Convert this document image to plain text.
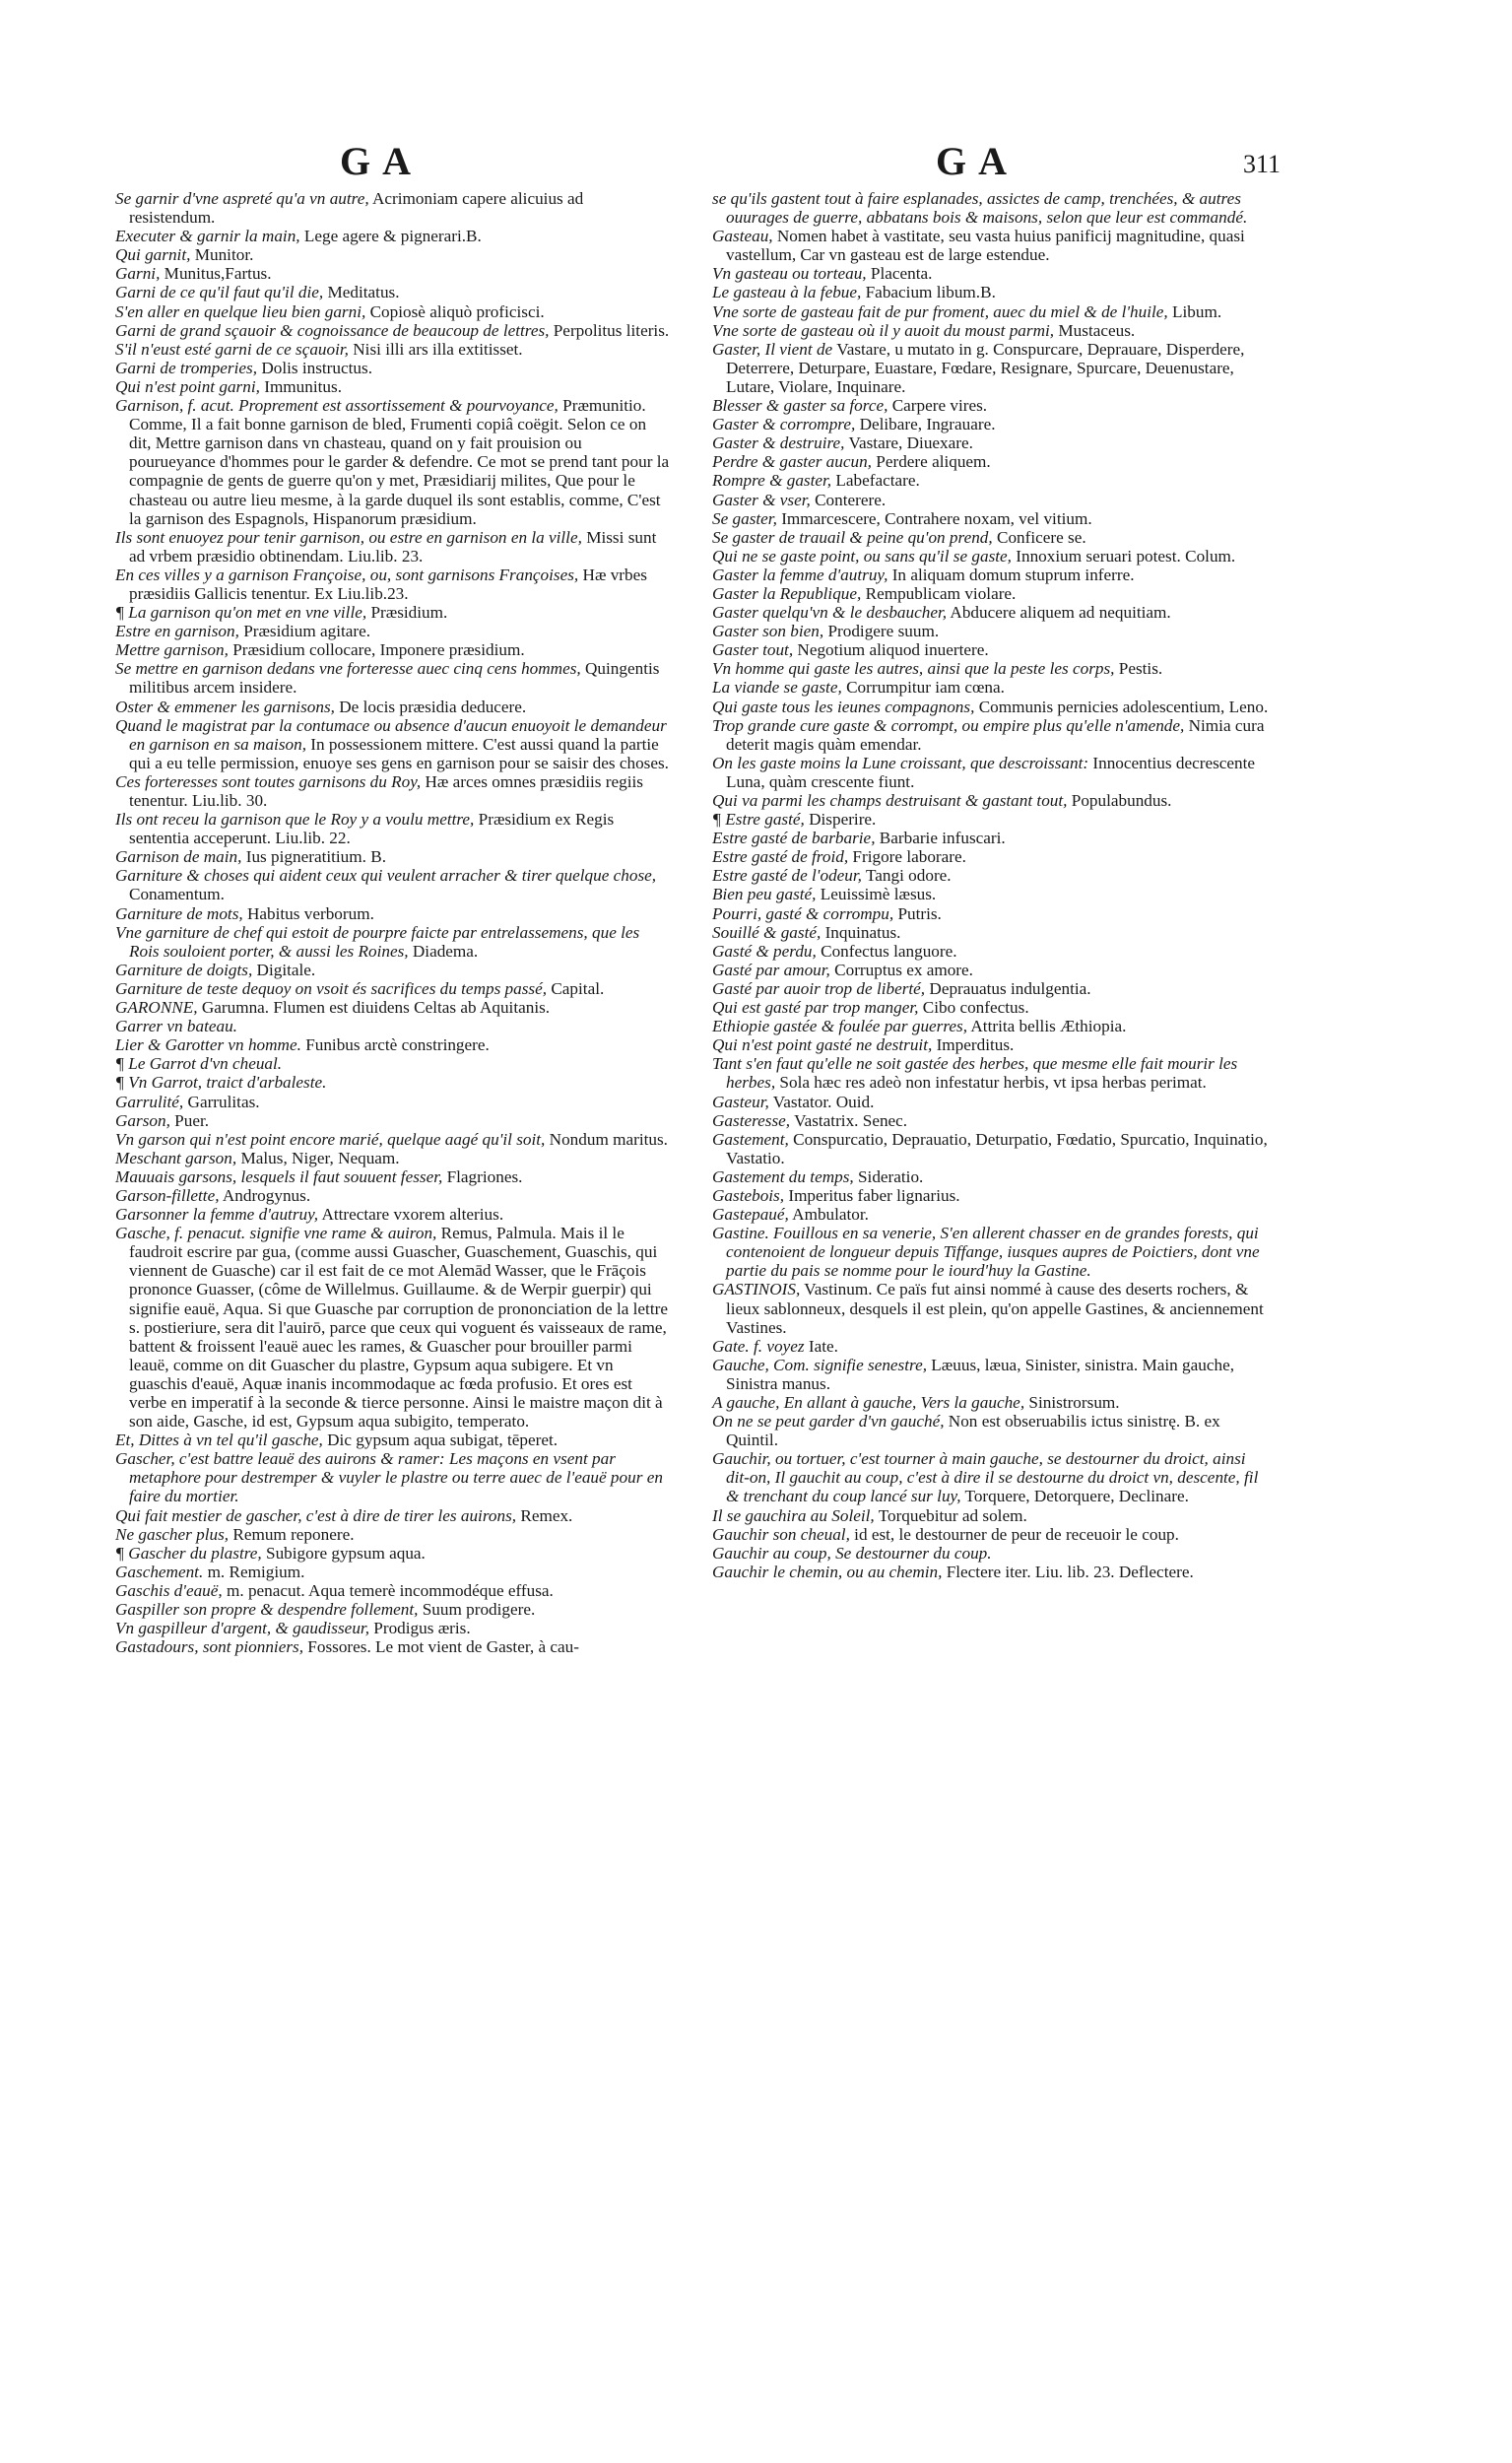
GA	GA	311

Se garnir d'vne aspreté qu'a vn autre, Acrimoniam capere alicuius ad resistendum.

Executer & garnir la main, Lege agere & pignerari.B.

Qui garnit, Munitor.

Garni, Munitus,Fartus.

Garni de ce qu'il faut qu'il die, Meditatus.

S'en aller en quelque lieu bien garni, Copiosè aliquò proficisci.

Garni de grand sçauoir & cognoissance de beaucoup de lettres, Perpolitus literis.

S'il n'eust esté garni de ce sçauoir, Nisi illi ars illa extitisset.

Garni de tromperies, Dolis instructus.

Qui n'est point garni, Immunitus.

Garnison, f. acut. Proprement est assortissement & pourvoyance, Præmunitio. Comme, Il a fait bonne garnison de bled, Frumenti copiâ coëgit. Selon ce on dit, Mettre garnison dans vn chasteau, quand on y fait prouision ou pourueyance d'hommes pour le garder & defendre. Ce mot se prend tant pour la compagnie de gents de guerre qu'on y met, Præsidiarij milites, Que pour le chasteau ou autre lieu mesme, à la garde duquel ils sont establis, comme, C'est la garnison des Espagnols, Hispanorum præsidium.

Ils sont enuoyez pour tenir garnison, ou estre en garnison en la ville, Missi sunt ad vrbem præsidio obtinendam. Liu.lib. 23.

En ces villes y a garnison Françoise, ou, sont garnisons Françoises, Hæ vrbes præsidiis Gallicis tenentur. Ex Liu.lib.23.

¶ La garnison qu'on met en vne ville, Præsidium.

Estre en garnison, Præsidium agitare.

Mettre garnison, Præsidium collocare, Imponere præsidium.

Se mettre en garnison dedans vne forteresse auec cinq cens hommes, Quingentis militibus arcem insidere.

Oster & emmener les garnisons, De locis præsidia deducere.

Quand le magistrat par la contumace ou absence d'aucun enuoyoit le demandeur en garnison en sa maison, In possessionem mittere. C'est aussi quand la partie qui a eu telle permission, enuoye ses gens en garnison pour se saisir des choses.

Ces forteresses sont toutes garnisons du Roy, Hæ arces omnes præsidiis regiis tenentur. Liu.lib. 30.

Ils ont receu la garnison que le Roy y a voulu mettre, Præsidium ex Regis sententia acceperunt. Liu.lib. 22.

Garnison de main, Ius pigneratitium. B.

Garniture & choses qui aident ceux qui veulent arracher & tirer quelque chose, Conamentum.

Garniture de mots, Habitus verborum.

Vne garniture de chef qui estoit de pourpre faicte par entrelassemens, que les Rois souloient porter, & aussi les Roines, Diadema.

Garniture de doigts, Digitale.

Garniture de teste dequoy on vsoit és sacrifices du temps passé, Capital.

GARONNE, Garumna. Flumen est diuidens Celtas ab Aquitanis.

Garrer vn bateau.

Lier & Garotter vn homme. Funibus arctè constringere.

¶ Le Garrot d'vn cheual.

¶ Vn Garrot, traict d'arbaleste.

Garrulité, Garrulitas.

Garson, Puer.

Vn garson qui n'est point encore marié, quelque aagé qu'il soit, Nondum maritus.

Meschant garson, Malus, Niger, Nequam.

Mauuais garsons, lesquels il faut souuent fesser, Flagriones.

Garson-fillette, Androgynus.

Garsonner la femme d'autruy, Attrectare vxorem alterius.

Gasche, f. penacut. signifie vne rame & auiron, Remus, Palmula. Mais il le faudroit escrire par gua, (comme aussi Guascher, Guaschement, Guaschis, qui viennent de Guasche) car il est fait de ce mot Alemād Wasser, que le Frāçois prononce Guasser, (côme de Willelmus. Guillaume. & de Werpir guerpir) qui signifie eauë, Aqua. Si que Guasche par corruption de prononciation de la lettre s. postieriure, sera dit l'auirō, parce que ceux qui voguent és vaisseaux de rame, battent & froissent l'eauë auec les rames, & Guascher pour brouiller parmi leauë, comme on dit Guascher du plastre, Gypsum aqua subigere. Et vn guaschis d'eauë, Aquæ inanis incommodaque ac fœda profusio. Et ores est verbe en imperatif à la seconde & tierce personne. Ainsi le maistre maçon dit à son aide, Gasche, id est, Gypsum aqua subigito, temperato.

Et, Dittes à vn tel qu'il gasche, Dic gypsum aqua subigat, tēperet.

Gascher, c'est battre leauë des auirons & ramer: Les maçons en vsent par metaphore pour destremper & vuyler le plastre ou terre auec de l'eauë pour en faire du mortier.

Qui fait mestier de gascher, c'est à dire de tirer les auirons, Remex.

Ne gascher plus, Remum reponere.

¶ Gascher du plastre, Subigore gypsum aqua.

Gaschement. m. Remigium.

Gaschis d'eauë, m. penacut. Aqua temerè incommodéque effusa.

Gaspiller son propre & despendre follement, Suum prodigere.

Vn gaspilleur d'argent, & gaudisseur, Prodigus æris.

Gastadours, sont pionniers, Fossores. Le mot vient de Gaster, à cau-

se qu'ils gastent tout à faire esplanades, assictes de camp, trenchées, & autres ouurages de guerre, abbatans bois & maisons, selon que leur est commandé.

Gasteau, Nomen habet à vastitate, seu vasta huius panificij magnitudine, quasi vastellum, Car vn gasteau est de large estendue.

Vn gasteau ou torteau, Placenta.

Le gasteau à la febue, Fabacium libum.B.

Vne sorte de gasteau fait de pur froment, auec du miel & de l'huile, Libum.

Vne sorte de gasteau où il y auoit du moust parmi, Mustaceus.

Gaster, Il vient de Vastare, u mutato in g. Conspurcare, Deprauare, Disperdere, Deterrere, Deturpare, Euastare, Fœdare, Resignare, Spurcare, Deuenustare, Lutare, Violare, Inquinare.

Blesser & gaster sa force, Carpere vires.

Gaster & corrompre, Delibare, Ingrauare.

Gaster & destruire, Vastare, Diuexare.

Perdre & gaster aucun, Perdere aliquem.

Rompre & gaster, Labefactare.

Gaster & vser, Conterere.

Se gaster, Immarcescere, Contrahere noxam, vel vitium.

Se gaster de trauail & peine qu'on prend, Conficere se.

Qui ne se gaste point, ou sans qu'il se gaste, Innoxium seruari potest. Colum.

Gaster la femme d'autruy, In aliquam domum stuprum inferre.

Gaster la Republique, Rempublicam violare.

Gaster quelqu'vn & le desbaucher, Abducere aliquem ad nequitiam.

Gaster son bien, Prodigere suum.

Gaster tout, Negotium aliquod inuertere.

Vn homme qui gaste les autres, ainsi que la peste les corps, Pestis.

La viande se gaste, Corrumpitur iam cœna.

Qui gaste tous les ieunes compagnons, Communis pernicies adolescentium, Leno.

Trop grande cure gaste & corrompt, ou empire plus qu'elle n'amende, Nimia cura deterit magis quàm emendar.

On les gaste moins la Lune croissant, que descroissant: Innocentius decrescente Luna, quàm crescente fiunt.

Qui va parmi les champs destruisant & gastant tout, Populabundus.

¶ Estre gasté, Disperire.

Estre gasté de barbarie, Barbarie infuscari.

Estre gasté de froid, Frigore laborare.

Estre gasté de l'odeur, Tangi odore.

Bien peu gasté, Leuissimè læsus.

Pourri, gasté & corrompu, Putris.

Souillé & gasté, Inquinatus.

Gasté & perdu, Confectus languore.

Gasté par amour, Corruptus ex amore.

Gasté par auoir trop de liberté, Deprauatus indulgentia.

Qui est gasté par trop manger, Cibo confectus.

Ethiopie gastée & foulée par guerres, Attrita bellis Æthiopia.

Qui n'est point gasté ne destruit, Imperditus.

Tant s'en faut qu'elle ne soit gastée des herbes, que mesme elle fait mourir les herbes, Sola hæc res adeò non infestatur herbis, vt ipsa herbas perimat.

Gasteur, Vastator. Ouid.

Gasteresse, Vastatrix. Senec.

Gastement, Conspurcatio, Deprauatio, Deturpatio, Fœdatio, Spurcatio, Inquinatio, Vastatio.

Gastement du temps, Sideratio.

Gastebois, Imperitus faber lignarius.

Gastepaué, Ambulator.

Gastine. Fouillous en sa venerie, S'en allerent chasser en de grandes forests, qui contenoient de longueur depuis Tiffange, iusques aupres de Poictiers, dont vne partie du pais se nomme pour le iourd'huy la Gastine.

GASTINOIS, Vastinum. Ce païs fut ainsi nommé à cause des deserts rochers, & lieux sablonneux, desquels il est plein, qu'on appelle Gastines, & anciennement Vastines.

Gate. f. voyez Iate.

Gauche, Com. signifie senestre, Læuus, læua, Sinister, sinistra. Main gauche, Sinistra manus.

A gauche, En allant à gauche, Vers la gauche, Sinistrorsum.

On ne se peut garder d'vn gauché, Non est obseruabilis ictus sinistrę. B. ex Quintil.

Gauchir, ou tortuer, c'est tourner à main gauche, se destourner du droict, ainsi dit-on, Il gauchit au coup, c'est à dire il se destourne du droict vn, descente, fil & trenchant du coup lancé sur luy, Torquere, Detorquere, Declinare.

Il se gauchira au Soleil, Torquebitur ad solem.

Gauchir son cheual, id est, le destourner de peur de receuoir le coup.

Gauchir au coup, Se destourner du coup.

Gauchir le chemin, ou au chemin, Flectere iter. Liu. lib. 23. Deflectere.
